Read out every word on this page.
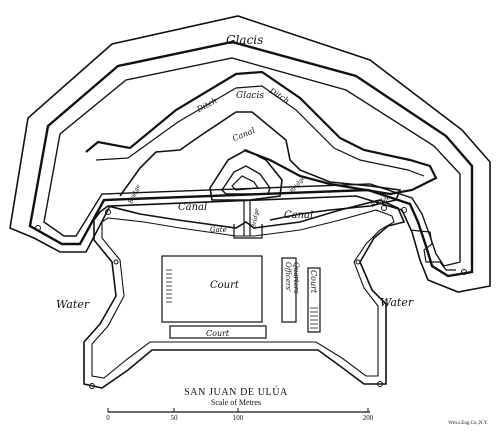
Glacis
Glacis
Ditch	Ditch
Canal
Canal
Canal
Bridge
Bridge
Bridge
Bridge
Gate
Court	Officers' Quarters Court
Court
Water	Water
SAN JUAN DE ULÚA
Scale of Metres
0	50	100	200
Wm.s.Eng.Co.,N.Y.
